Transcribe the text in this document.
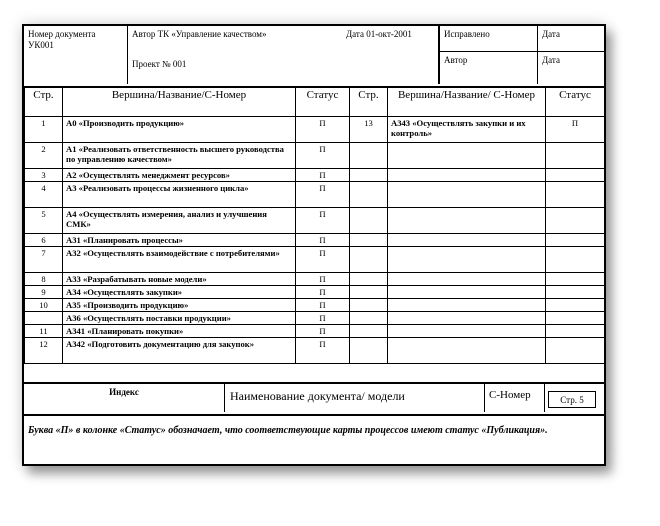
Номер документа
УК001
Автор ТК «Управление качеством»	Дата 01-окт-2001
Проект № 001
Исправлено	Дата
Автор	Дата
Стр.	Вершина/Название/С-Номер	Статус	Стр.	Вершина/Название/ С-Номер	Статус
1	А0 «Производить продукцию»	П	13	А343 «Осуществлять закупки и их контроль»	П
2	А1 «Реализовать ответственность высшего руководства по управлению качеством»	П			
3	А2 «Осуществлять менеджмент ресурсов»	П			
4	А3 «Реализовать процессы жизненного цикла»	П			
5	А4 «Осуществлять измерения, анализ и улучшения СМК»	П			
6	А31 «Планировать процессы»	П			
7	А32 «Осуществлять взаимодействие с потребителями»	П			
8	А33 «Разрабатывать новые модели»	П			
9	А34 «Осуществлять закупки»	П			
10	А35 «Производить продукцию»	П			
	А36 «Осуществлять поставки продукции»	П			
11	А341 «Планировать покупки»	П			
12	А342 «Подготовить документацию для закупок»	П			
Индекс	Наименование документа/ модели	С-Номер	Стр. 5
Буква «П» в колонке «Статус» обозначает, что соответствующие карты процессов имеют статус «Публикация».
